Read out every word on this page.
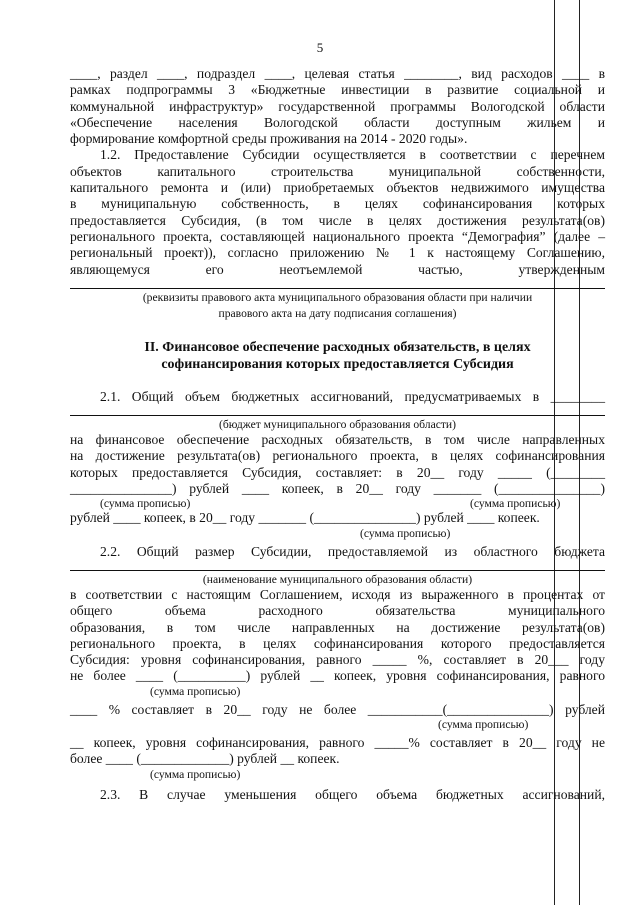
5

____, раздел ____, подраздел ____, целевая статья ________, вид расходов ____ в

рамках подпрограммы 3 «Бюджетные инвестиции в развитие социальной и

коммунальной инфраструктур» государственной программы Вологодской области

«Обеспечение населения Вологодской области доступным жильем и

формирование комфортной среды проживания на 2014 - 2020 годы».

1.2. Предоставление Субсидии осуществляется в соответствии с перечнем

объектов капитального строительства муниципальной собственности,

капитального ремонта и (или) приобретаемых объектов недвижимого имущества

в муниципальную собственность, в целях софинансирования которых

предоставляется Субсидия, (в том числе в целях достижения результата(ов)

регионального проекта, составляющей национального проекта “Демография” (далее –

региональный проект)), согласно приложению № 1 к настоящему Соглашению,

являющемуся его неотъемлемой частью, утвержденным

(реквизиты правового акта муниципального образования области при наличии

правового акта на дату подписания соглашения)

II. Финансовое обеспечение расходных обязательств, в целях
софинансирования которых предоставляется Субсидия

2.1. Общий объем бюджетных ассигнований, предусматриваемых в ________

(бюджет муниципального образования области)

на финансовое обеспечение расходных обязательств, в том числе направленных

на достижение результата(ов) регионального проекта, в целях софинансирования

которых предоставляется Субсидия, составляет: в 20__ году _____ (________

_______________) рублей ____ копеек, в 20__ году _______ (_______________)

(сумма прописью)	(сумма прописью)

рублей ____ копеек, в 20__ году _______ (_______________) рублей ____ копеек.

(сумма прописью)

2.2. Общий размер Субсидии, предоставляемой из областного бюджета

(наименование муниципального образования области)

в соответствии с настоящим Соглашением, исходя из выраженного в процентах от

общего объема расходного обязательства муниципального

образования, в том числе направленных на достижение результата(ов)

регионального проекта, в целях софинансирования которого предоставляется

Субсидия: уровня софинансирования, равного _____ %, составляет в 20___ году

не более ____ (__________) рублей __ копеек, уровня софинансирования, равного

(сумма прописью)

____ % составляет в 20__ году не более ___________(_______________) рублей

(сумма прописью)

__ копеек, уровня софинансирования, равного _____% составляет в 20__ году не

более ____ (_____________) рублей __ копеек.

(сумма прописью)

2.3. В случае уменьшения общего объема бюджетных ассигнований,
